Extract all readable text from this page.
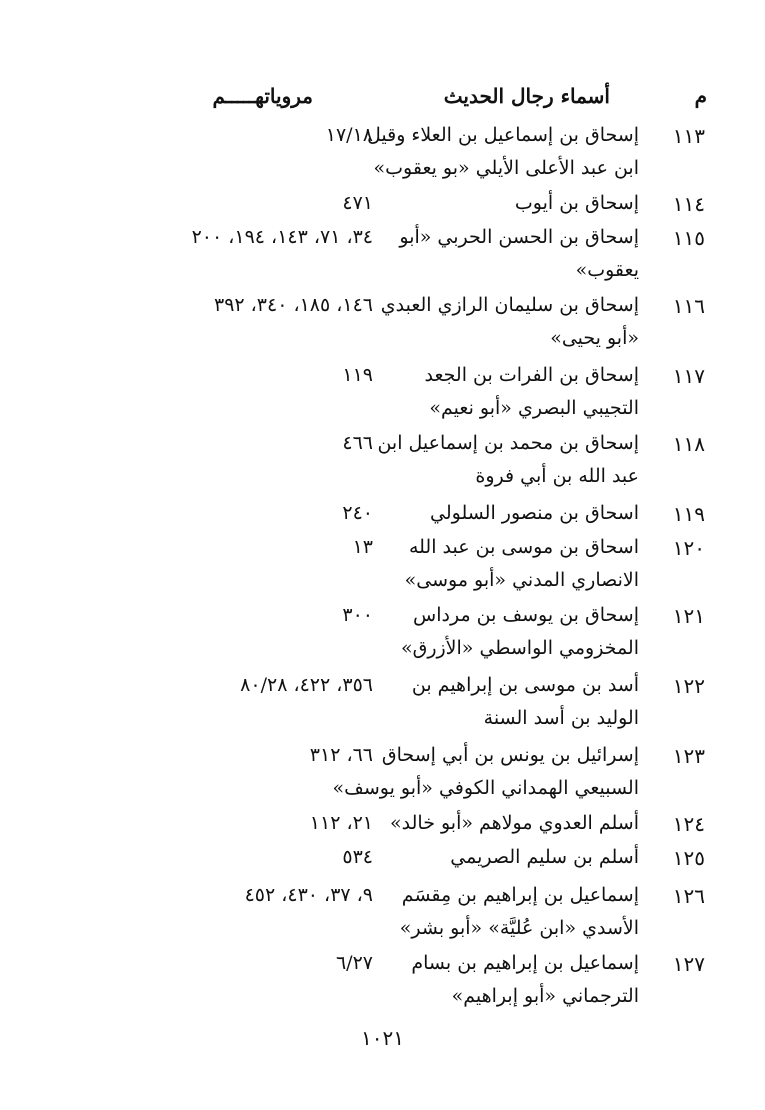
م
أسماء رجال الحديث
مروياتهـــــم
١١٣
إسحاق بن إسماعيل بن العلاء وقيل
ابن عبد الأعلى الأيلي «بو يعقوب»
١٧/١٨
١١٤
إسحاق بن أيوب
٤٧١
١١٥
إسحاق بن الحسن الحربي «أبو
يعقوب»
٣٤، ٧١، ١٤٣، ١٩٤، ٢٠٠
١١٦
إسحاق بن سليمان الرازي العبدي
«أبو يحيى»
١٤٦، ١٨٥، ٣٤٠، ٣٩٢
١١٧
إسحاق بن الفرات بن الجعد
التجيبي البصري «أبو نعيم»
١١٩
١١٨
إسحاق بن محمد بن إسماعيل ابن
عبد الله بن أبي فروة
٤٦٦
١١٩
اسحاق بن منصور السلولي
٢٤٠
١٢٠
اسحاق بن موسى بن عبد الله
الانصاري المدني «أبو موسى»
١٣
١٢١
إسحاق بن يوسف بن مرداس
المخزومي الواسطي «الأزرق»
٣٠٠
١٢٢
أسد بن موسى بن إبراهيم بن
الوليد بن أسد السنة
٣٥٦، ٤٢٢، ٨٠/٢٨
١٢٣
إسرائيل بن يونس بن أبي إسحاق
السبيعي الهمداني الكوفي «أبو يوسف»
٦٦، ٣١٢
١٢٤
أسلم العدوي مولاهم «أبو خالد»
٢١، ١١٢
١٢٥
أسلم بن سليم الصريمي
٥٣٤
١٢٦
إسماعيل بن إبراهيم بن مِقسَم
الأسدي «ابن عُليَّة» «أبو بشر»
٩، ٣٧، ٤٣٠، ٤٥٢
١٢٧
إسماعيل بن إبراهيم بن بسام
الترجماني «أبو إبراهيم»
٦/٢٧
١٠٢١
